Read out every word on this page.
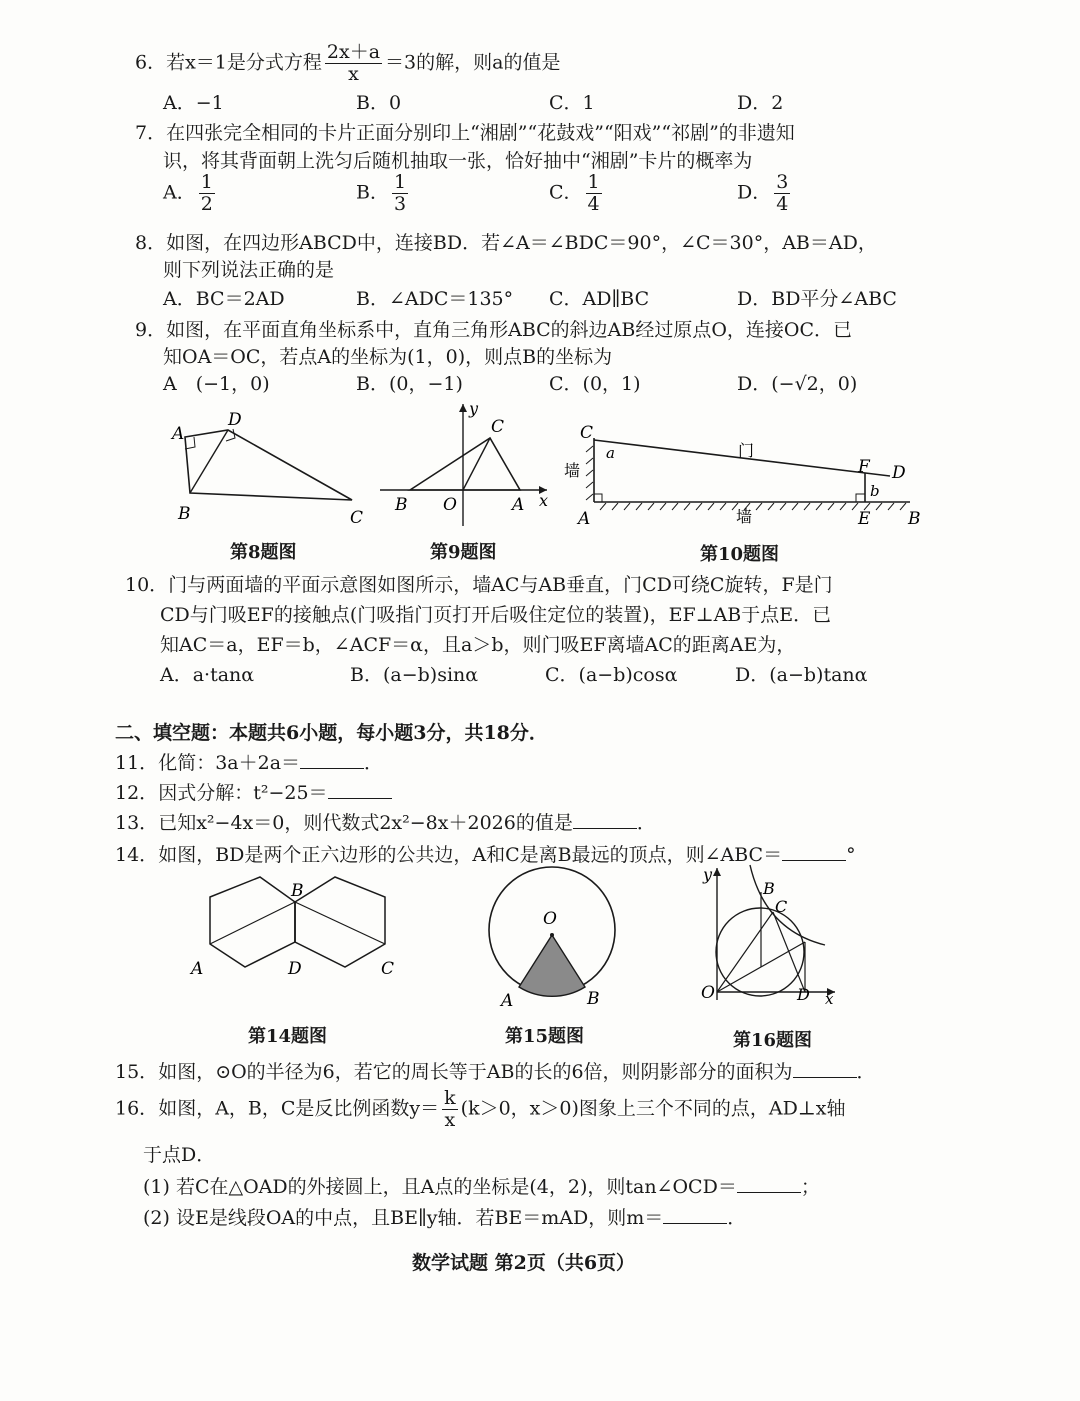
6．若x＝1是分式方程 $\frac{2x+a}{x} =3$的解，则a的值是
A．−1	B．0	C．1	D．2
7．在四张完全相同的卡片正面分别印上“湘剧”“花鼓戏”“阳戏”“祁剧”的非遗知
识，将其背面朝上洗匀后随机抽取一张，恰好抽中“湘剧”卡片的概率为
A． $\frac{1}{2}$	B． $\frac{1}{3}$	C． $\frac{1}{4}$	D． $\frac{3}{4}$
8．如图，在四边形ABCD中，连接BD．若∠A＝∠BDC＝90°，∠C＝30°，AB＝AD，
则下列说法正确的是
A．BC＝2AD	B．∠ADC＝135° C．AD∥BC	D．BD平分∠ABC
9．如图，在平面直角坐标系中，直角三角形ABC的斜边AB经过原点O，连接OC．已
知OA＝OC，若点A的坐标为(1，0)，则点B的坐标为
A　(−1，0)	B．(0，−1)	C．(0，1)	D．(−√2，0)
A
D
B	C
第8题图
y
C
B O	A x
第9题图
C
a
墙
门
F D
b
A	墙	E B
第10题图
10．门与两面墙的平面示意图如图所示，墙AC与AB垂直，门CD可绕C旋转，F是门
CD与门吸EF的接触点(门吸指门页打开后吸住定位的装置)，EF⊥AB于点E．已
知AC＝a，EF＝b，∠ACF＝α，且a＞b，则门吸EF离墙AC的距离AE为，
A．a·tanα	B．(a−b)sinα	C．(a−b)cosα	D．(a−b)tanα
二、填空题：本题共6小题，每小题3分，共18分．
11．化简：3a＋2a＝	．
12．因式分解：t²−25＝
13．已知x²−4x＝0，则代数式2x²−8x＋2026的值是	．
14．如图，BD是两个正六边形的公共边，A和C是离B最远的顶点，则∠ABC＝	°
B
A	D	C
第14题图
O
A	B
第15题图
y
B
C
O	D x
第16题图
15．如图，⊙O的半径为6，若它的周长等于AB的长的6倍，则阴影部分的面积为	．
16．如图，A，B，C是反比例函数$y= \frac{k}{x} (k>0$，x＞0)图象上三个不同的点，AD⊥x轴
于点D．
(1) 若C在△OAD的外接圆上，且A点的坐标是(4，2)，则tan∠OCD＝	；
(2) 设E是线段OA的中点，且BE∥y轴．若BE＝mAD，则m＝	．
数学试题 第2页（共6页）
